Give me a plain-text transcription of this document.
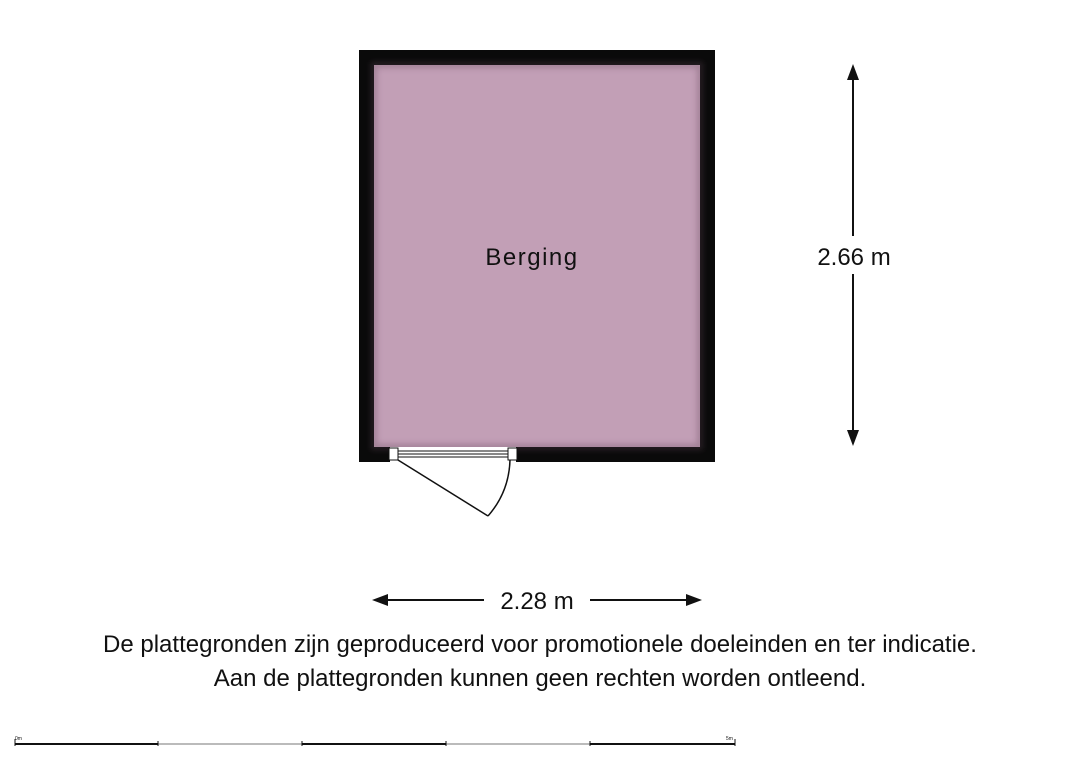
Berging	2.66 m
2.28 m
0m	5m
De plattegronden zijn geproduceerd voor promotionele doeleinden en ter indicatie.
Aan de plattegronden kunnen geen rechten worden ontleend.
